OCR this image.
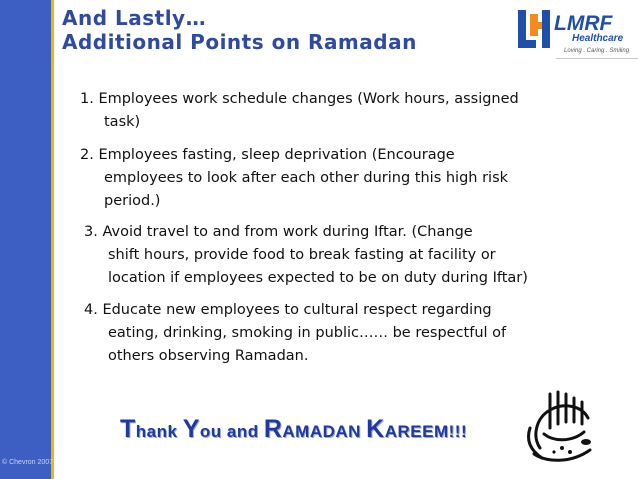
© Chevron 2007
And Lastly…
Additional Points on Ramadan
LMRF
Healthcare
Loving . Caring . Smiling
1. Employees work schedule changes (Work hours, assigned
task)
2. Employees fasting, sleep deprivation (Encourage
employees to look after each other during this high risk
period.)
3. Avoid travel to and from work during Iftar. (Change
shift hours, provide food to break fasting at facility or
location if employees expected to be on duty during Iftar)
4. Educate new employees to cultural respect regarding
eating, drinking, smoking in public…… be respectful of
others observing Ramadan.
Thank You and RAMADAN KAREEM!!!
